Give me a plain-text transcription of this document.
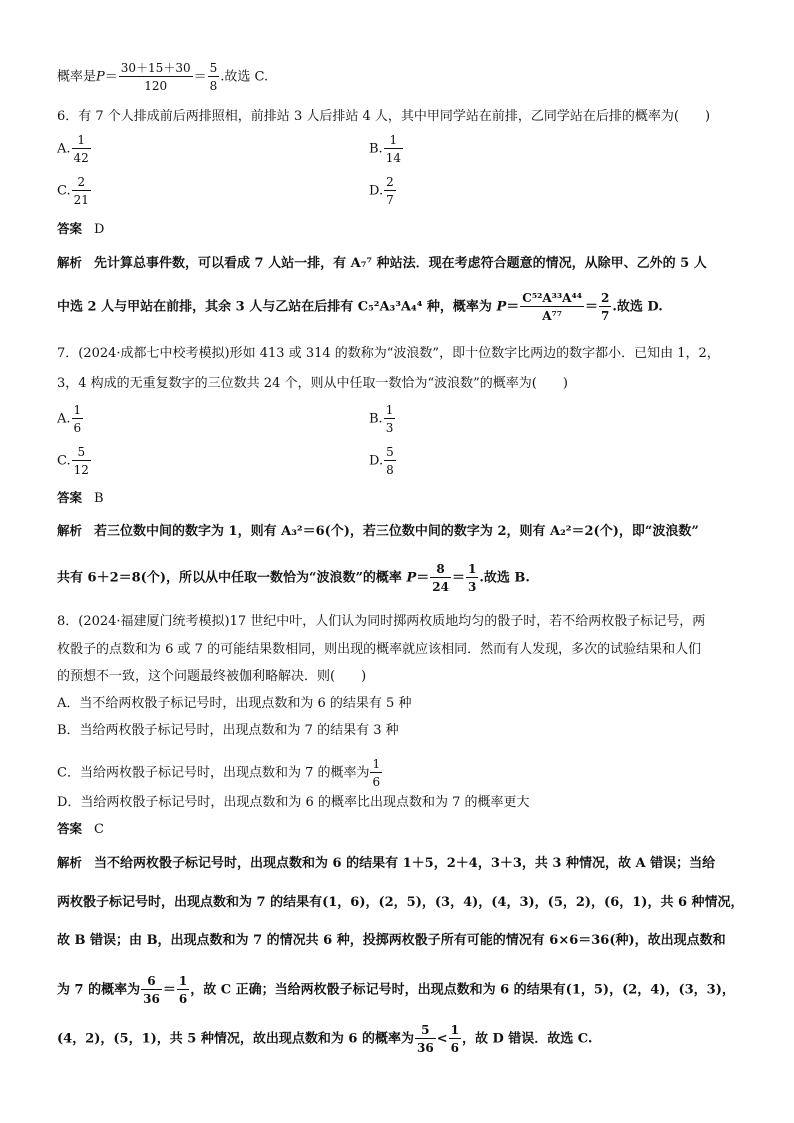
概率是$P= \frac{30+15+30}{120} = \frac{5}{8}$ .故选 C.
6．有 7 个人排成前后两排照相，前排站 3 人后排站 4 人，其中甲同学站在前排，乙同学站在后排的概率为(　　)
A. $\frac{1}{42}$	B. $\frac{1}{14}$
C. $\frac{2}{21}$	D. $\frac{2}{7}$
答案 D
解析 先计算总事件数，可以看成 7 人站一排，有 A₇⁷ 种站法．现在考虑符合题意的情况，从除甲、乙外的 5 人
中选 2 人与甲站在前排，其余 3 人与乙站在后排有 C₅²A₃³A₄⁴ 种，概率为 $P= \frac{\text{C⁵²A³³A⁴⁴}}{\text{A⁷⁷}} = \frac{2}{7}$ .故选 D.
7．(2024·成都七中校考模拟)形如 413 或 314 的数称为“波浪数”，即十位数字比两边的数字都小．已知由 1，2，
3，4 构成的无重复数字的三位数共 24 个，则从中任取一数恰为“波浪数”的概率为(　　)
A. $\frac{1}{6}$	B. $\frac{1}{3}$
C. $\frac{5}{12}$	D. $\frac{5}{8}$
答案 B
解析 若三位数中间的数字为 1，则有 A₃²＝6(个)，若三位数中间的数字为 2，则有 A₂²＝2(个)，即“波浪数”
共有 6＋2＝8(个)，所以从中任取一数恰为“波浪数”的概率 $P= \frac{8}{24} = \frac{1}{3}$ .故选 B.
8．(2024·福建厦门统考模拟)17 世纪中叶，人们认为同时掷两枚质地均匀的骰子时，若不给两枚骰子标记号，两
枚骰子的点数和为 6 或 7 的可能结果数相同，则出现的概率就应该相同．然而有人发现，多次的试验结果和人们
的预想不一致，这个问题最终被伽利略解决．则(　　)
A．当不给两枚骰子标记号时，出现点数和为 6 的结果有 5 种
B．当给两枚骰子标记号时，出现点数和为 7 的结果有 3 种
C．当给两枚骰子标记号时，出现点数和为 7 的概率为 $\frac{1}{6}$
D．当给两枚骰子标记号时，出现点数和为 6 的概率比出现点数和为 7 的概率更大
答案 C
解析 当不给两枚骰子标记号时，出现点数和为 6 的结果有 1＋5，2＋4，3＋3，共 3 种情况，故 A 错误；当给
两枚骰子标记号时，出现点数和为 7 的结果有(1，6)，(2，5)，(3，4)，(4，3)，(5，2)，(6，1)，共 6 种情况，
故 B 错误；由 B，出现点数和为 7 的情况共 6 种，投掷两枚骰子所有可能的情况有 6×6＝36(种)，故出现点数和
为 7 的概率为 $\frac{6}{36} = \frac{1}{6}$ ，故 C 正确；当给两枚骰子标记号时，出现点数和为 6 的结果有(1，5)，(2，4)，(3，3)，
(4，2)，(5，1)，共 5 种情况，故出现点数和为 6 的概率为 $\frac{5}{36} < \frac{1}{6}$ ，故 D 错误．故选 C.
